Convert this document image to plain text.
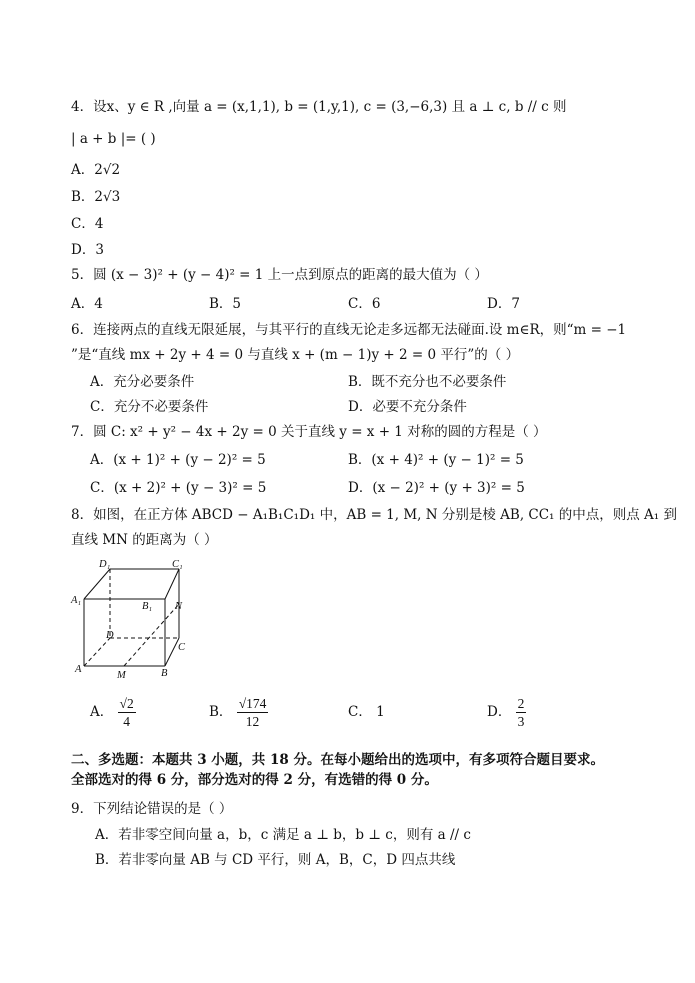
4．设x、y ∈ R ,向量 a = (x,1,1), b = (1,y,1), c = (3,−6,3) 且 a ⊥ c, b // c 则
| a + b |= ( )
A．2√2
B．2√3
C．4
D．3
5．圆 (x − 3)² + (y − 4)² = 1 上一点到原点的距离的最大值为（ ）
A．4	B．5	C．6	D．7
6．连接两点的直线无限延展，与其平行的直线无论走多远都无法碰面.设 m∈R，则“m = −1
”是“直线 mx + 2y + 4 = 0 与直线 x + (m − 1)y + 2 = 0 平行”的（ ）
A．充分必要条件	B．既不充分也不必要条件
C．充分不必要条件	D．必要不充分条件
7．圆 C: x² + y² − 4x + 2y = 0 关于直线 y = x + 1 对称的圆的方程是（ ）
A．(x + 1)² + (y − 2)² = 5	B．(x + 4)² + (y − 1)² = 5
C．(x + 2)² + (y − 3)² = 5	D．(x − 2)² + (y + 3)² = 5
8．如图，在正方体 ABCD − A₁B₁C₁D₁ 中，AB = 1, M, N 分别是棱 AB, CC₁ 的中点，则点 A₁ 到
直线 MN 的距离为（ ）
D₁	C₁
A₁
B₁ N
D
C
A
M	B
A． $\frac{√2}{4}$	B． $\frac{√174}{12}$	C． 1	D． $\frac{2}{3}$
二、多选题：本题共 3 小题，共 18 分。在每小题给出的选项中，有多项符合题目要求。
全部选对的得 6 分，部分选对的得 2 分，有选错的得 0 分。
9．下列结论错误的是（ ）
A．若非零空间向量 a，b，c 满足 a ⊥ b，b ⊥ c，则有 a // c
B．若非零向量 AB 与 CD 平行，则 A，B，C，D 四点共线
